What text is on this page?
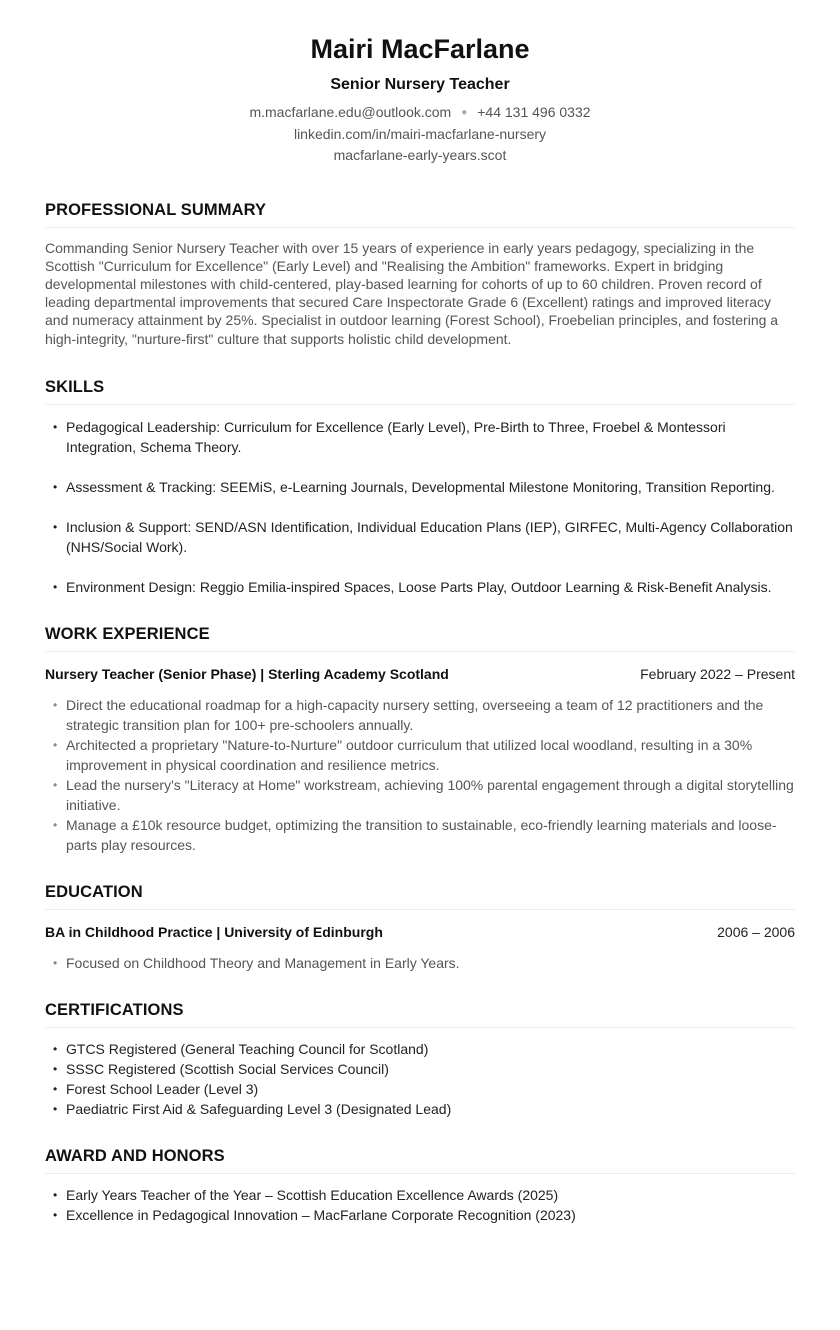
Mairi MacFarlane
Senior Nursery Teacher
m.macfarlane.edu@outlook.com ● +44 131 496 0332
linkedin.com/in/mairi-macfarlane-nursery
macfarlane-early-years.scot
PROFESSIONAL SUMMARY
Commanding Senior Nursery Teacher with over 15 years of experience in early years pedagogy, specializing in the Scottish "Curriculum for Excellence" (Early Level) and "Realising the Ambition" frameworks. Expert in bridging developmental milestones with child-centered, play-based learning for cohorts of up to 60 children. Proven record of leading departmental improvements that secured Care Inspectorate Grade 6 (Excellent) ratings and improved literacy and numeracy attainment by 25%. Specialist in outdoor learning (Forest School), Froebelian principles, and fostering a high-integrity, "nurture-first" culture that supports holistic child development.
SKILLS
• Pedagogical Leadership: Curriculum for Excellence (Early Level), Pre-Birth to Three, Froebel & Montessori Integration, Schema Theory.
• Assessment & Tracking: SEEMiS, e-Learning Journals, Developmental Milestone Monitoring, Transition Reporting.
• Inclusion & Support: SEND/ASN Identification, Individual Education Plans (IEP), GIRFEC, Multi-Agency Collaboration (NHS/Social Work).
• Environment Design: Reggio Emilia-inspired Spaces, Loose Parts Play, Outdoor Learning & Risk-Benefit Analysis.
WORK EXPERIENCE
Nursery Teacher (Senior Phase) | Sterling Academy Scotland	February 2022 – Present
• Direct the educational roadmap for a high-capacity nursery setting, overseeing a team of 12 practitioners and the strategic transition plan for 100+ pre-schoolers annually.
• Architected a proprietary "Nature-to-Nurture" outdoor curriculum that utilized local woodland, resulting in a 30% improvement in physical coordination and resilience metrics.
• Lead the nursery's "Literacy at Home" workstream, achieving 100% parental engagement through a digital storytelling initiative.
• Manage a £10k resource budget, optimizing the transition to sustainable, eco-friendly learning materials and loose-parts play resources.
EDUCATION
BA in Childhood Practice | University of Edinburgh	2006 – 2006
• Focused on Childhood Theory and Management in Early Years.
CERTIFICATIONS
• GTCS Registered (General Teaching Council for Scotland)
• SSSC Registered (Scottish Social Services Council)
• Forest School Leader (Level 3)
• Paediatric First Aid & Safeguarding Level 3 (Designated Lead)
AWARD AND HONORS
• Early Years Teacher of the Year – Scottish Education Excellence Awards (2025)
• Excellence in Pedagogical Innovation – MacFarlane Corporate Recognition (2023)
